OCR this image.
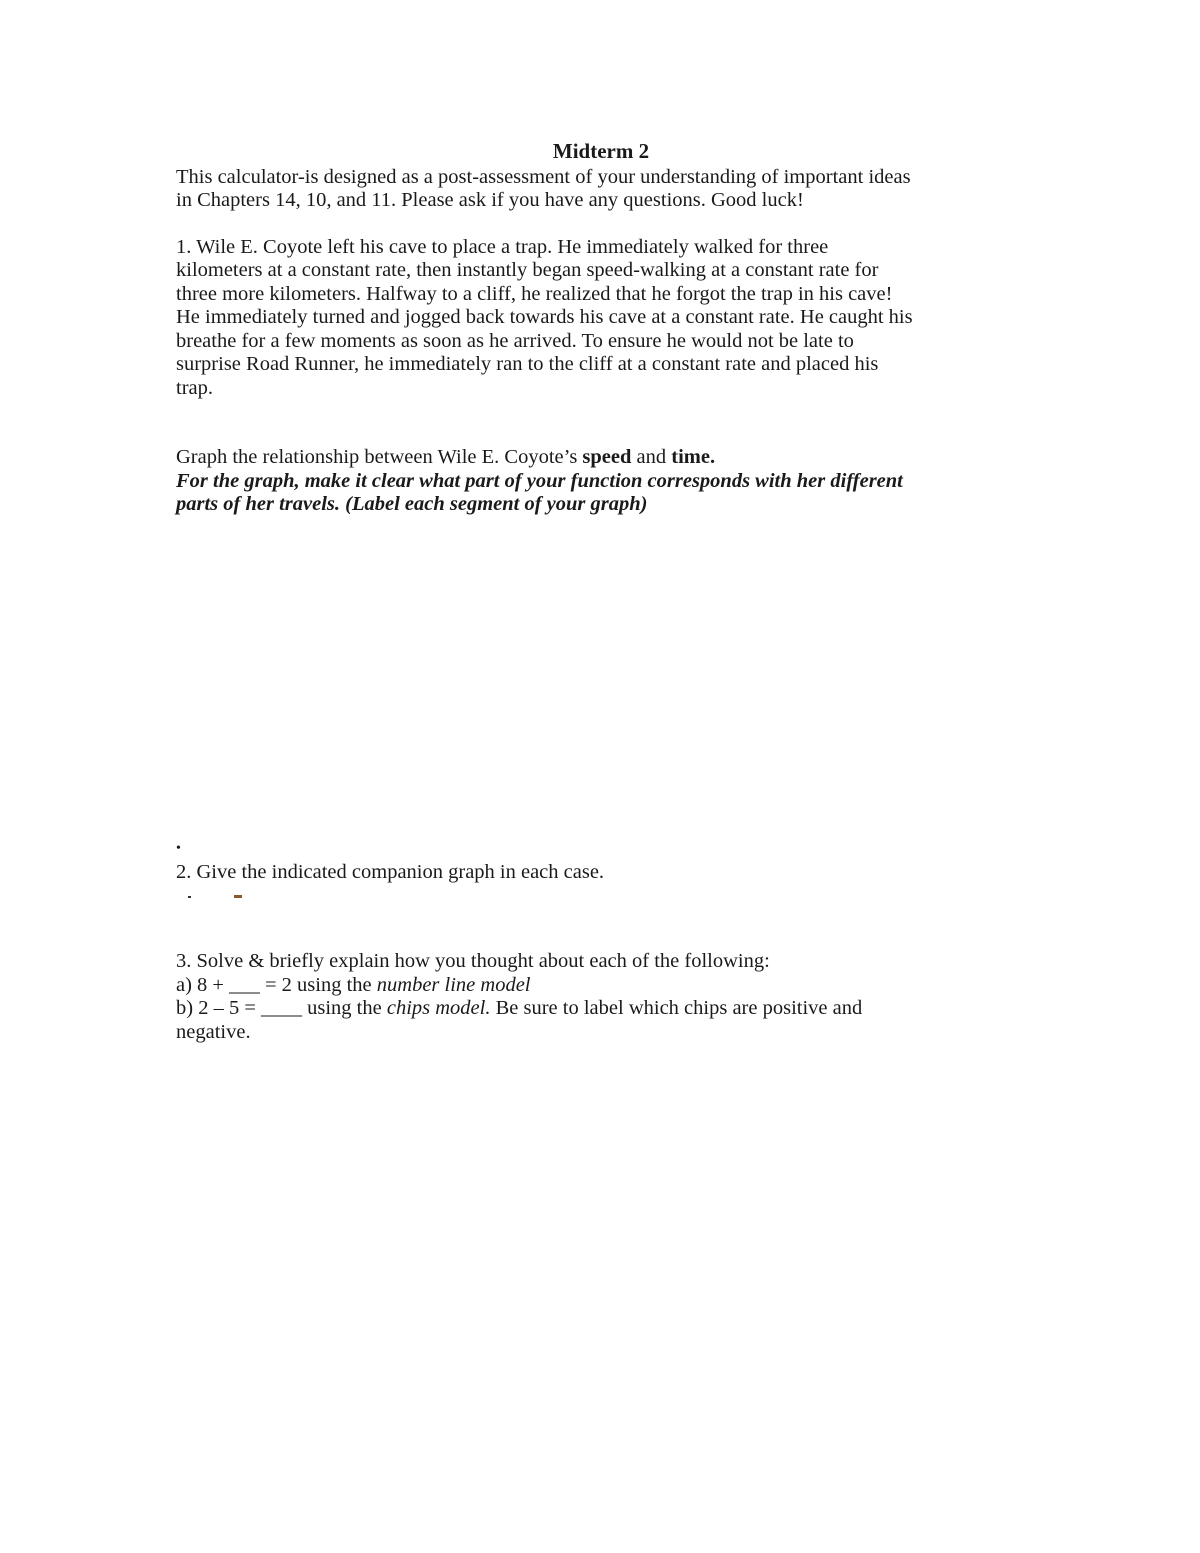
Midterm 2

This calculator-is designed as a post-assessment of your understanding of important ideas

in Chapters 14, 10, and 11. Please ask if you have any questions. Good luck!

1. Wile E. Coyote left his cave to place a trap. He immediately walked for three

kilometers at a constant rate, then instantly began speed-walking at a constant rate for

three more kilometers. Halfway to a cliff, he realized that he forgot the trap in his cave!

He immediately turned and jogged back towards his cave at a constant rate. He caught his

breathe for a few moments as soon as he arrived. To ensure he would not be late to

surprise Road Runner, he immediately ran to the cliff at a constant rate and placed his

trap.

Graph the relationship between Wile E. Coyote’s speed and time.

For the graph, make it clear what part of your function corresponds with her different

parts of her travels. (Label each segment of your graph)

•

2. Give the indicated companion graph in each case.

3. Solve & briefly explain how you thought about each of the following:

a) 8 + ___ = 2 using the number line model

b) 2 – 5 = ____ using the chips model. Be sure to label which chips are positive and

negative.
